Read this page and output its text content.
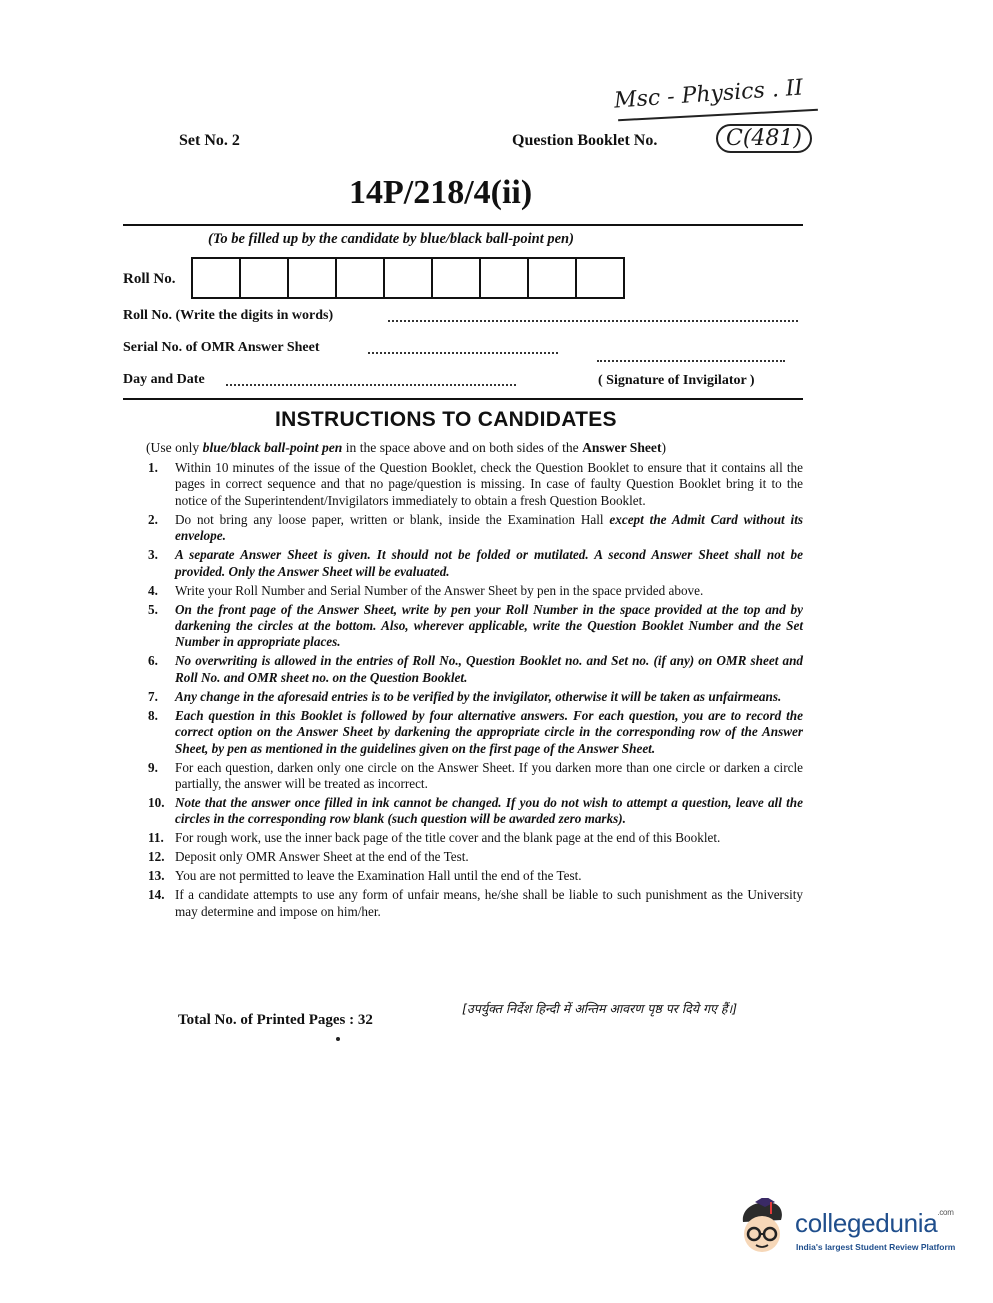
Msc - Physics . II
Set No. 2	Question Booklet No.	C(481)
14P/218/4(ii)
(To be filled up by the candidate by blue/black ball-point pen)
Roll No.
Roll No. (Write the digits in words)
Serial No. of OMR Answer Sheet
Day and Date	( Signature of Invigilator )
INSTRUCTIONS TO CANDIDATES
(Use only blue/black ball-point pen in the space above and on both sides of the Answer Sheet)
1.	Within 10 minutes of the issue of the Question Booklet, check the Question Booklet to ensure that it contains all the pages in correct sequence and that no page/question is missing. In case of faulty Question Booklet bring it to the notice of the Superintendent/Invigilators immediately to obtain a fresh Question Booklet.
2.	Do not bring any loose paper, written or blank, inside the Examination Hall except the Admit Card without its envelope.
3.	A separate Answer Sheet is given. It should not be folded or mutilated. A second Answer Sheet shall not be provided. Only the Answer Sheet will be evaluated.
4.	Write your Roll Number and Serial Number of the Answer Sheet by pen in the space prvided above.
5.	On the front page of the Answer Sheet, write by pen your Roll Number in the space provided at the top and by darkening the circles at the bottom. Also, wherever applicable, write the Question Booklet Number and the Set Number in appropriate places.
6.	No overwriting is allowed in the entries of Roll No., Question Booklet no. and Set no. (if any) on OMR sheet and Roll No. and OMR sheet no. on the Question Booklet.
7.	Any change in the aforesaid entries is to be verified by the invigilator, otherwise it will be taken as unfairmeans.
8.	Each question in this Booklet is followed by four alternative answers. For each question, you are to record the correct option on the Answer Sheet by darkening the appropriate circle in the corresponding row of the Answer Sheet, by pen as mentioned in the guidelines given on the first page of the Answer Sheet.
9.	For each question, darken only one circle on the Answer Sheet. If you darken more than one circle or darken a circle partially, the answer will be treated as incorrect.
10. Note that the answer once filled in ink cannot be changed. If you do not wish to attempt a question, leave all the circles in the corresponding row blank (such question will be awarded zero marks).
11. For rough work, use the inner back page of the title cover and the blank page at the end of this Booklet.
12. Deposit only OMR Answer Sheet at the end of the Test.
13. You are not permitted to leave the Examination Hall until the end of the Test.
14. If a candidate attempts to use any form of unfair means, he/she shall be liable to such punishment as the University may determine and impose on him/her.
Total No. of Printed Pages : 32
[उपर्युक्त निर्देश हिन्दी में अन्तिम आवरण पृष्ठ पर दिये गए हैं।]
collegedunia$^{.com}$
India's largest Student Review Platform
